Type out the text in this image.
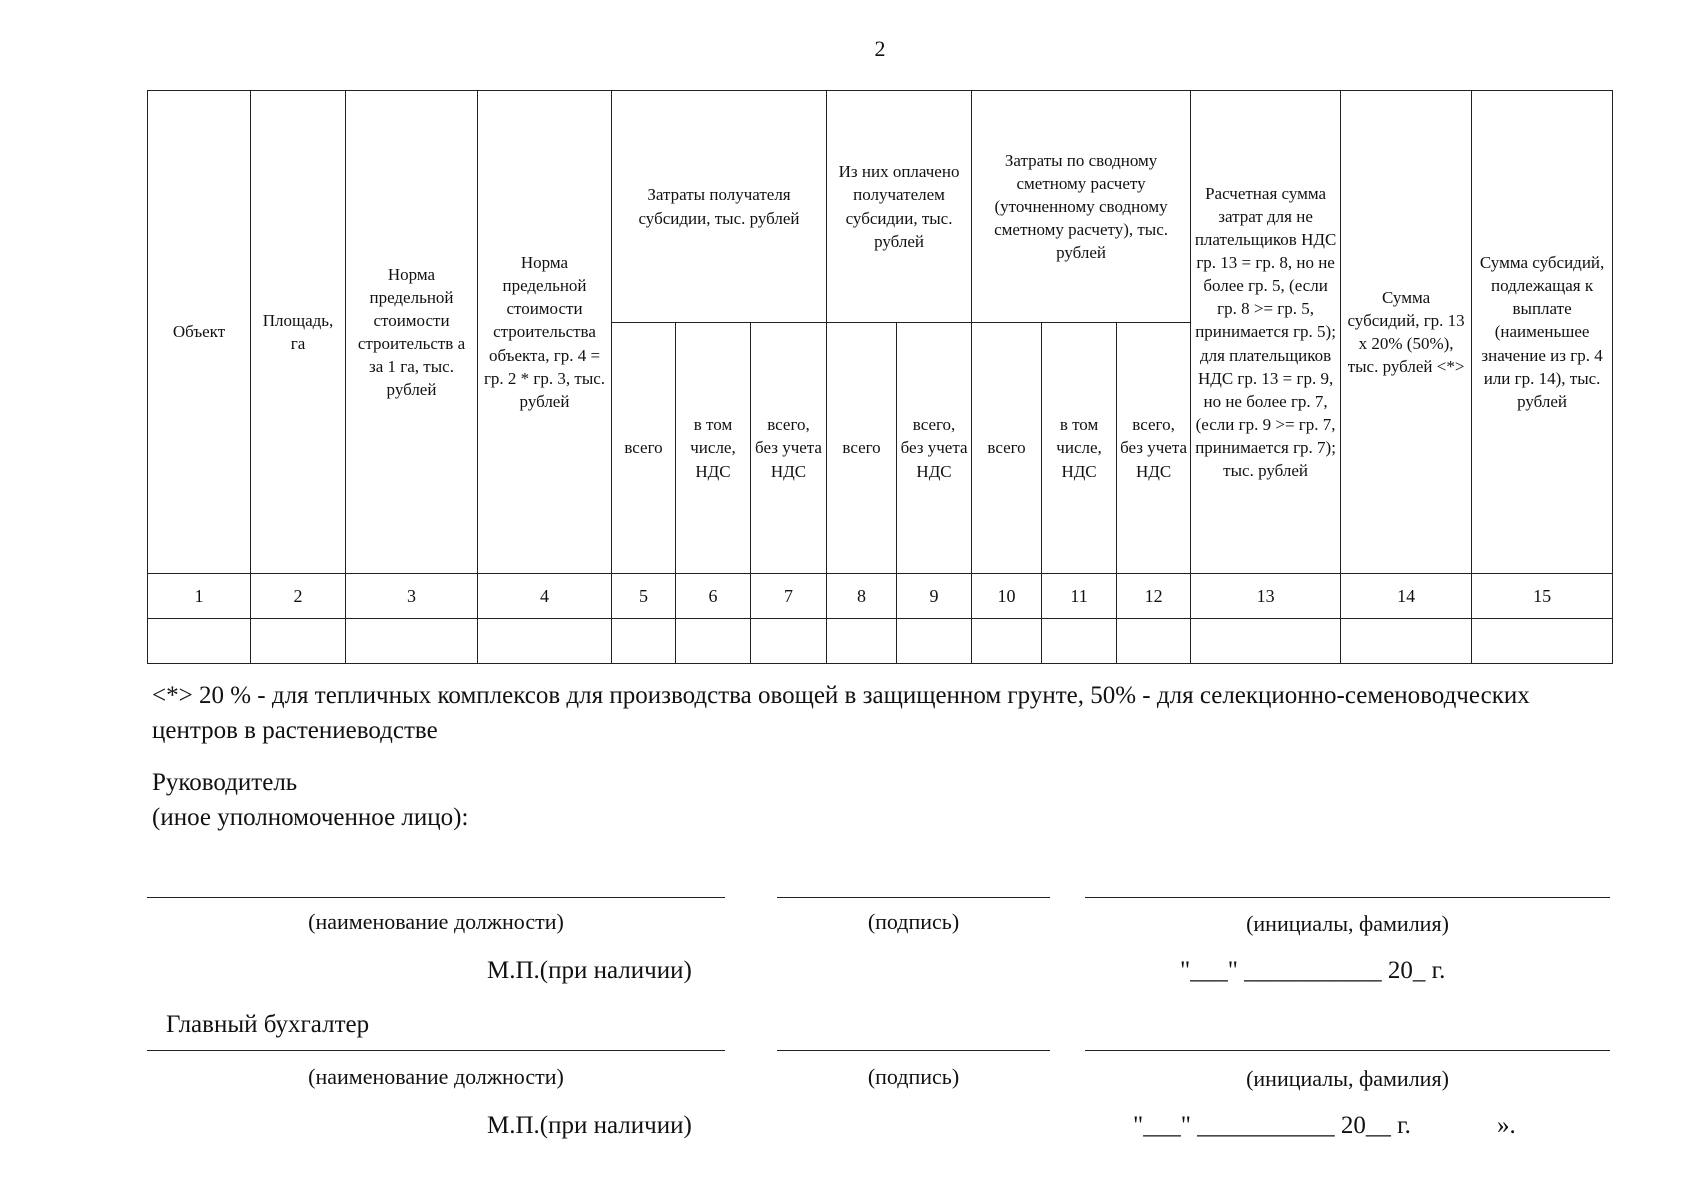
2
Объект	Площадь, га	Норма предельной стоимости строительств а за 1 га, тыс. рублей	Норма предельной стоимости строительства объекта, гр. 4 = гр. 2 * гр. 3, тыс. рублей	Затраты получателя субсидии, тыс. рублей			Из них оплачено получателем субсидии, тыс. рублей		Затраты по сводному сметному расчету (уточненному сводному сметному расчету), тыс. рублей			Расчетная сумма затрат для не плательщиков НДС гр. 13 = гр. 8, но не более гр. 5, (если гр. 8 >= гр. 5, принимается гр. 5); для плательщиков НДС гр. 13 = гр. 9, но не более гр. 7, (если гр. 9 >= гр. 7, принимается гр. 7); тыс. рублей	Сумма субсидий, гр. 13 x 20% (50%), тыс. рублей <*>	Сумма субсидий, подлежащая к выплате (наименьшее значение из гр. 4 или гр. 14), тыс. рублей
				всего	в том числе, НДС	всего, без учета НДС	всего	всего, без учета НДС	всего	в том числе, НДС	всего, без учета НДС			
1	2	3	4	5	6	7	8	9	10	11	12	13	14	15

<*> 20 % - для тепличных комплексов для производства овощей в защищенном грунте, 50% - для селекционно-семеноводческих центров в растениеводстве
Руководитель
(иное уполномоченное лицо):
(наименование должности)	(подпись)	(инициалы, фамилия)
М.П.(при наличии)	"___" ___________ 20_ г.
Главный бухгалтер
(наименование должности)	(подпись)	(инициалы, фамилия)
М.П.(при наличии)	"___" ___________ 20__ г.	».
